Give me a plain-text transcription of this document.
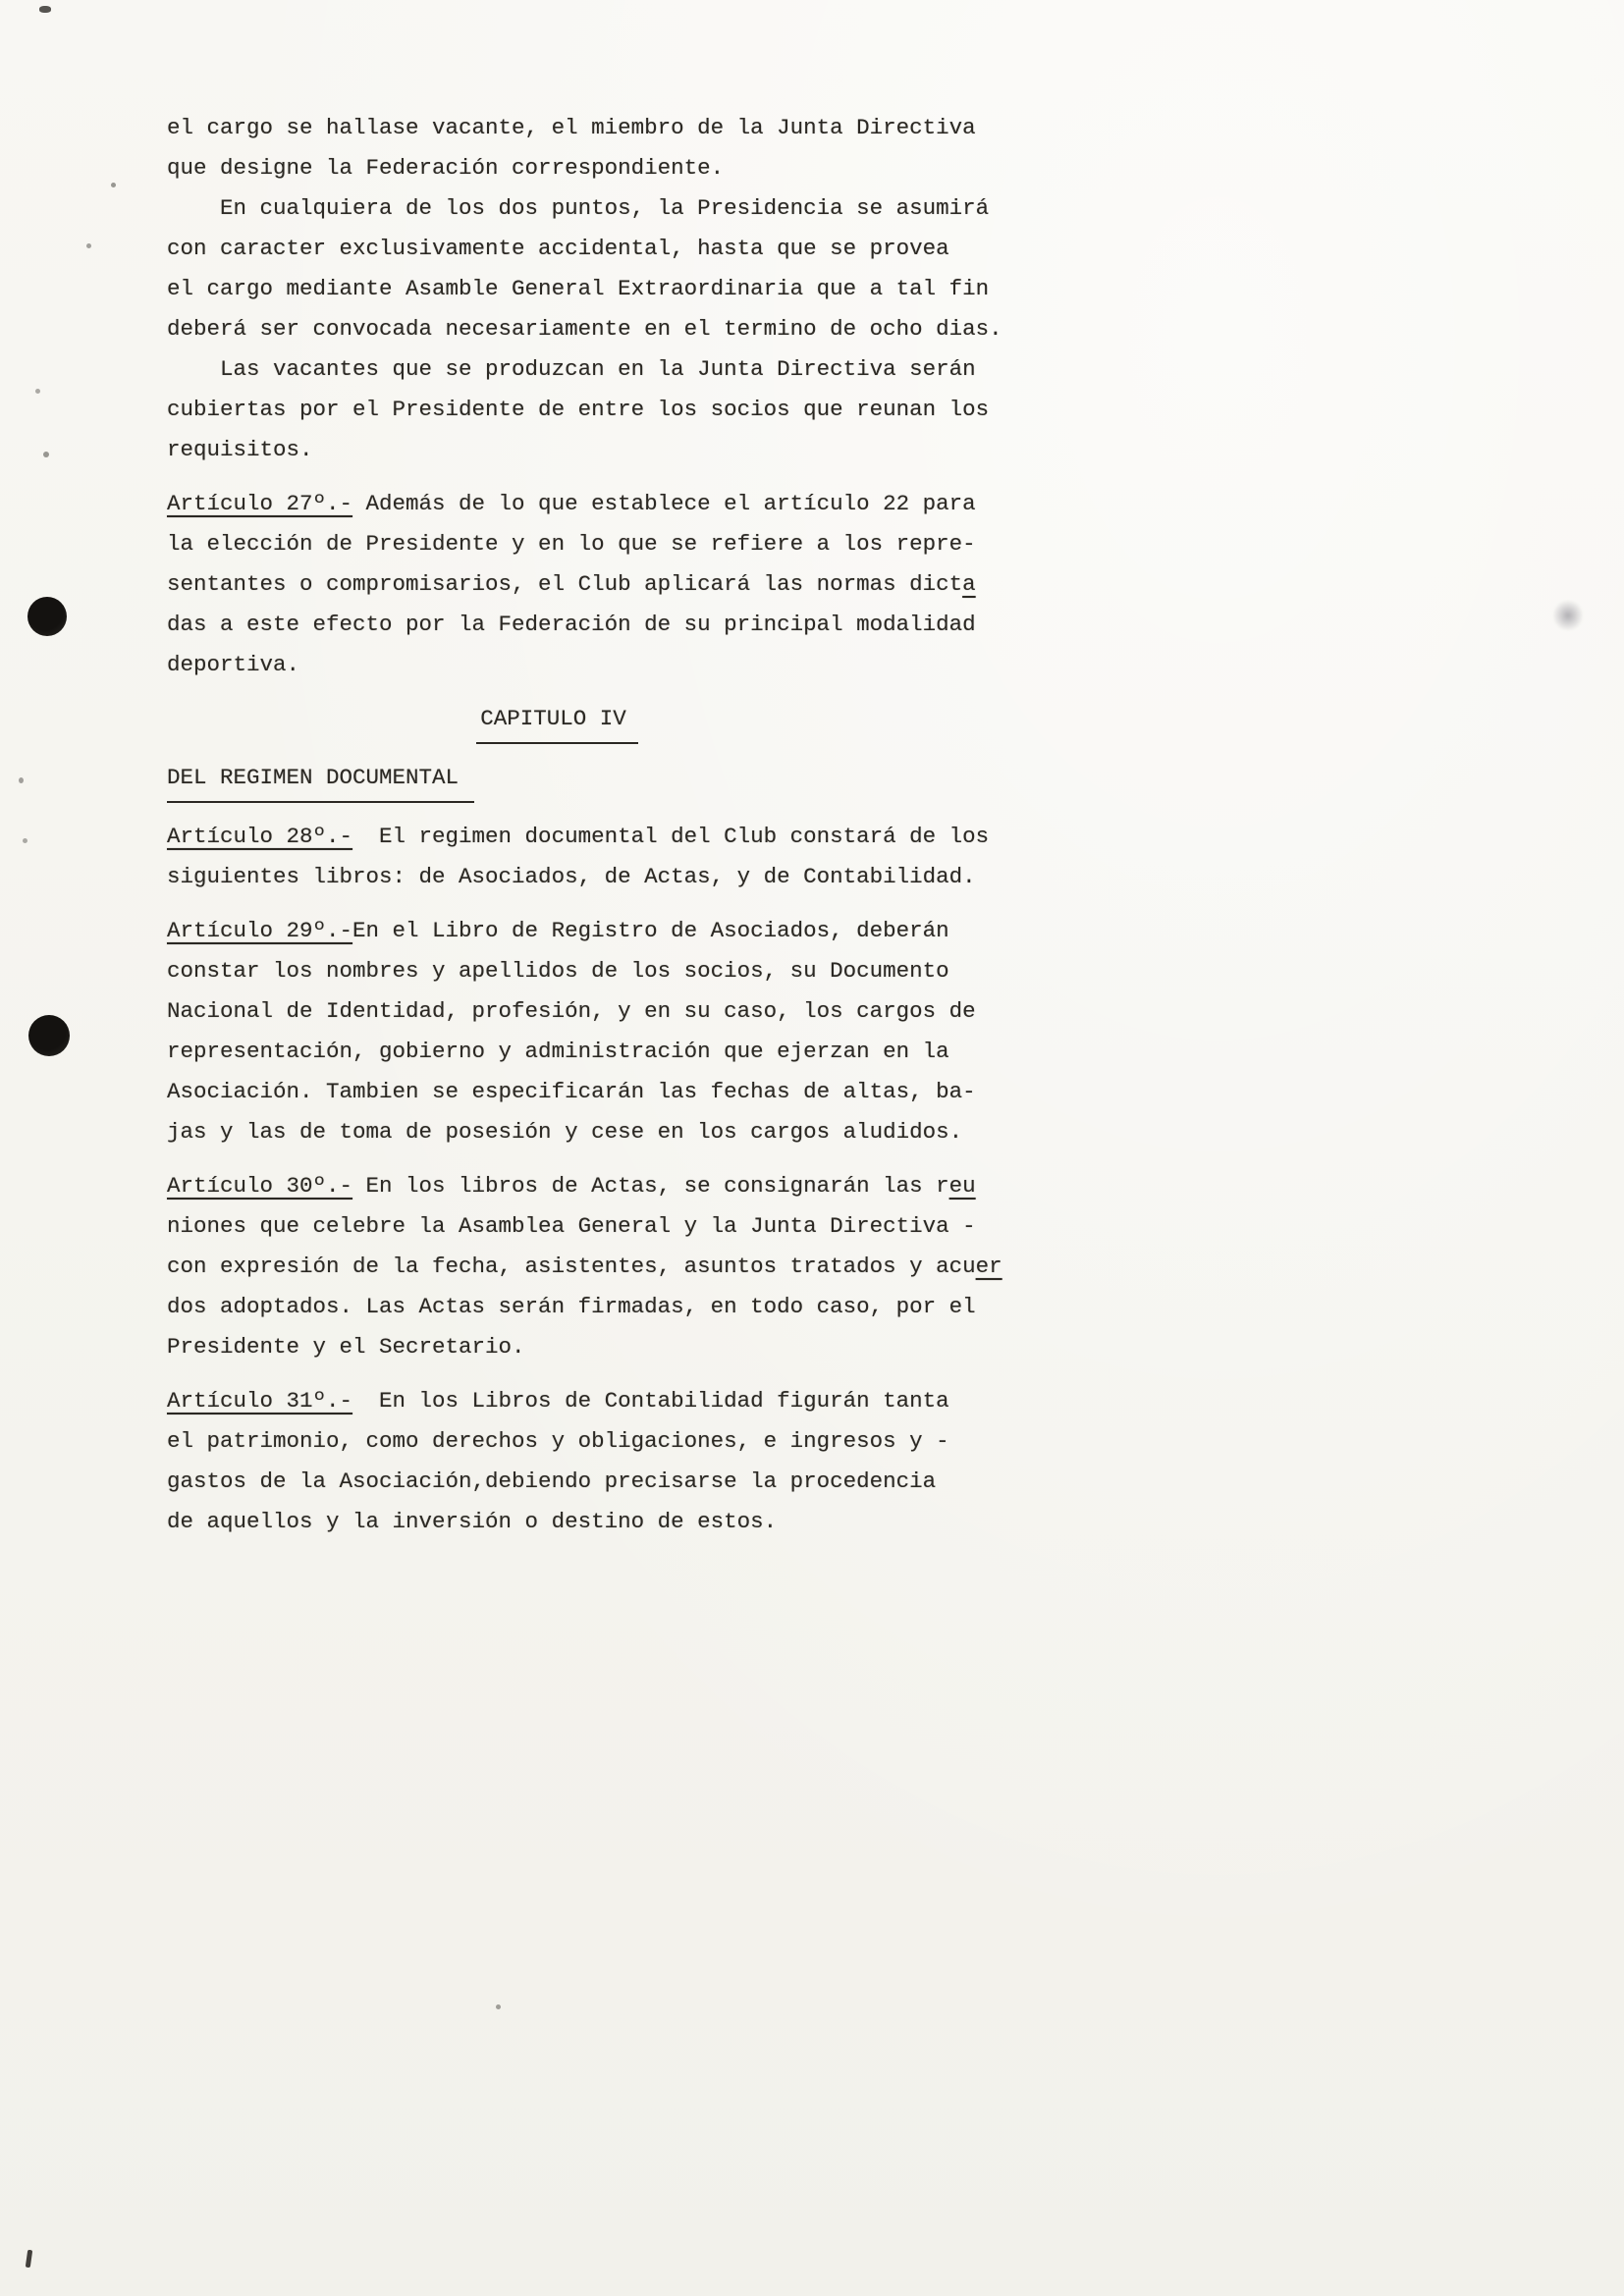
el cargo se hallase vacante, el miembro de la Junta Directiva
que designe la Federación correspondiente.
En cualquiera de los dos puntos, la Presidencia se asumirá
con caracter exclusivamente accidental, hasta que se provea
el cargo mediante Asamble General Extraordinaria que a tal fin
deberá ser convocada necesariamente en el termino de ocho dias.
Las vacantes que se produzcan en la Junta Directiva serán
cubiertas por el Presidente de entre los socios que reunan los
requisitos.
Artículo 27º.- Además de lo que establece el artículo 22 para
la elección de Presidente y en lo que se refiere a los repre-
sentantes o compromisarios, el Club aplicará las normas dicta
das a este efecto por la Federación de su principal modalidad
deportiva.
CAPITULO IV
DEL REGIMEN DOCUMENTAL
Artículo 28º.-  El regimen documental del Club constará de los
siguientes libros: de Asociados, de Actas, y de Contabilidad.
Artículo 29º.-En el Libro de Registro de Asociados, deberán
constar los nombres y apellidos de los socios, su Documento
Nacional de Identidad, profesión, y en su caso, los cargos de
representación, gobierno y administración que ejerzan en la
Asociación. Tambien se especificarán las fechas de altas, ba-
jas y las de toma de posesión y cese en los cargos aludidos.
Artículo 30º.- En los libros de Actas, se consignarán las reu
niones que celebre la Asamblea General y la Junta Directiva -
con expresión de la fecha, asistentes, asuntos tratados y acuer
dos adoptados. Las Actas serán firmadas, en todo caso, por el
Presidente y el Secretario.
Artículo 31º.-  En los Libros de Contabilidad figurán tanta
el patrimonio, como derechos y obligaciones, e ingresos y -
gastos de la Asociación,debiendo precisarse la procedencia
de aquellos y la inversión o destino de estos.
